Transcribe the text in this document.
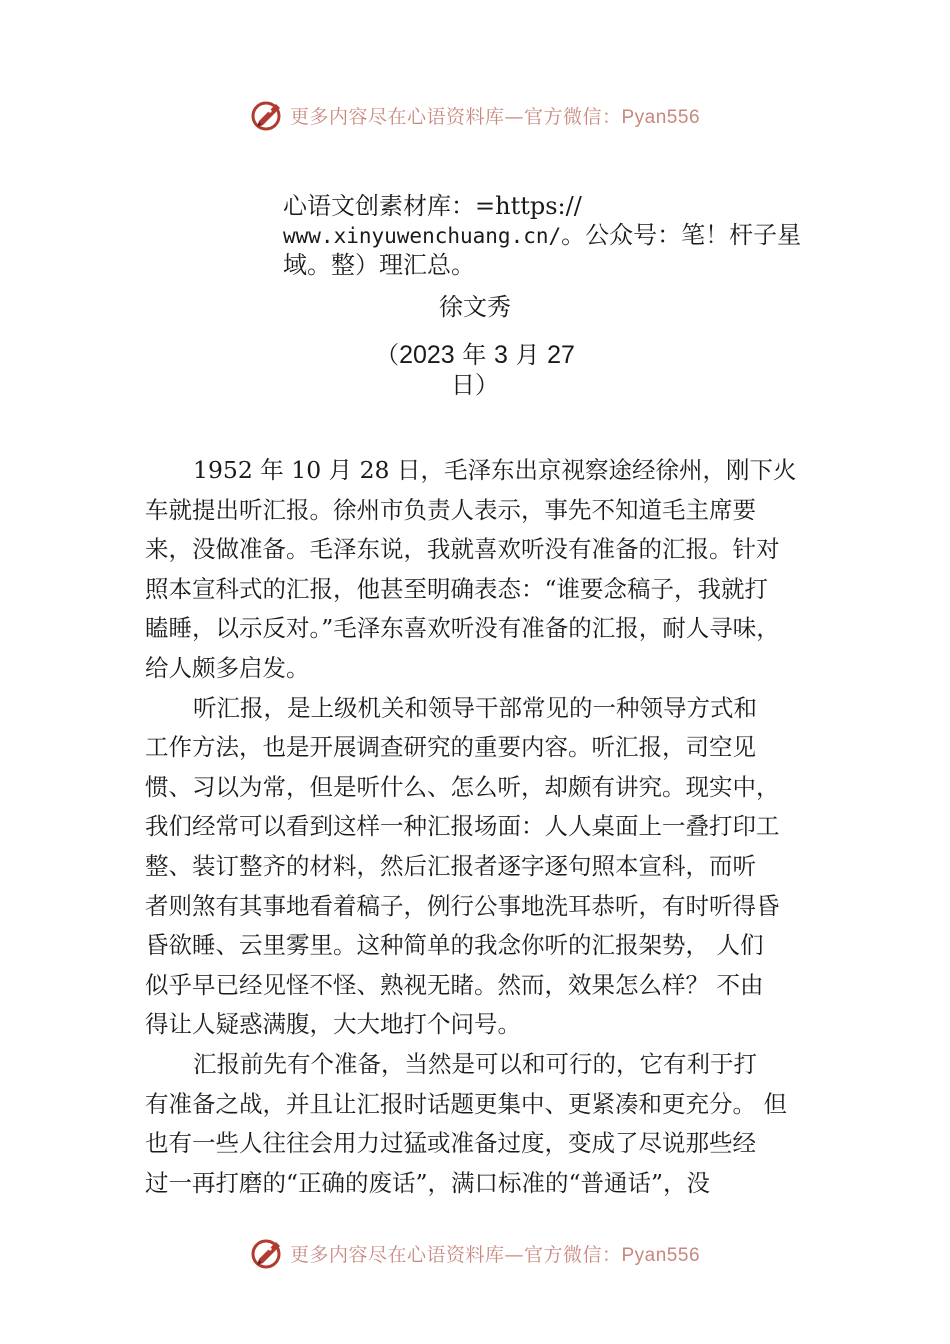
更多内容尽在心语资料库—官方微信：Pyan556
心语文创素材库：=https://
www.xinyuwenchuang.cn/。公众号：笔！杆子星
域。整）理汇总。
徐文秀
（2023 年 3 月 27
日）
1952 年 10 月 28 日，毛泽东出京视察途经徐州，刚下火
车就提出听汇报。徐州市负责人表示，事先不知道毛主席要
来，没做准备。毛泽东说，我就喜欢听没有准备的汇报。针对
照本宣科式的汇报，他甚至明确表态：“谁要念稿子，我就打
瞌睡，以示反对。”毛泽东喜欢听没有准备的汇报，耐人寻味，
给人颇多启发。
听汇报，是上级机关和领导干部常见的一种领导方式和
工作方法，也是开展调查研究的重要内容。听汇报，司空见
惯、习以为常，但是听什么、怎么听，却颇有讲究。现实中，
我们经常可以看到这样一种汇报场面：人人桌面上一叠打印工
整、装订整齐的材料，然后汇报者逐字逐句照本宣科，而听
者则煞有其事地看着稿子，例行公事地洗耳恭听，有时听得昏
昏欲睡、云里雾里。这种简单的我念你听的汇报架势， 人们
似乎早已经见怪不怪、熟视无睹。然而，效果怎么样？ 不由
得让人疑惑满腹，大大地打个问号。
汇报前先有个准备，当然是可以和可行的，它有利于打
有准备之战，并且让汇报时话题更集中、更紧凑和更充分。 但
也有一些人往往会用力过猛或准备过度，变成了尽说那些经
过一再打磨的“正确的废话”，满口标准的“普通话”，没
更多内容尽在心语资料库—官方微信：Pyan556
